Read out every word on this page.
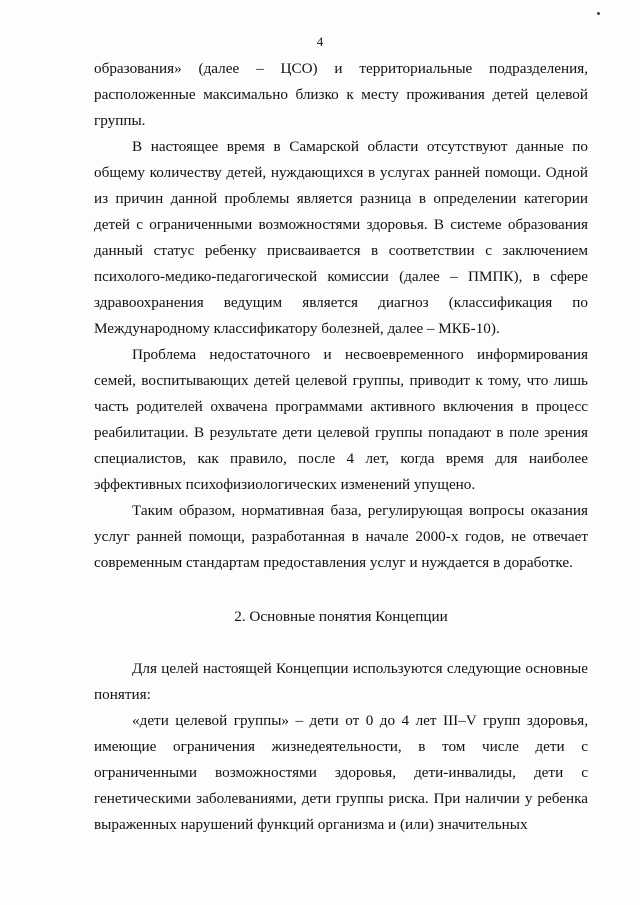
4

образования» (далее – ЦСО) и территориальные подразделения, расположенные максимально близко к месту проживания детей целевой группы.

В настоящее время в Самарской области отсутствуют данные по общему количеству детей, нуждающихся в услугах ранней помощи. Одной из причин данной проблемы является разница в определении категории детей с ограниченными возможностями здоровья. В системе образования данный статус ребенку присваивается в соответствии с заключением психолого-медико-педагогической комиссии (далее – ПМПК), в сфере здравоохранения ведущим является диагноз (классификация по Международному классификатору болезней, далее – МКБ-10).

Проблема недостаточного и несвоевременного информирования семей, воспитывающих детей целевой группы, приводит к тому, что лишь часть родителей охвачена программами активного включения в процесс реабилитации. В результате дети целевой группы попадают в поле зрения специалистов, как правило, после 4 лет, когда время для наиболее эффективных психофизиологических изменений упущено.

Таким образом, нормативная база, регулирующая вопросы оказания услуг ранней помощи, разработанная в начале 2000-х годов, не отвечает современным стандартам предоставления услуг и нуждается в доработке.

2. Основные понятия Концепции

Для целей настоящей Концепции используются следующие основные понятия:

«дети целевой группы» – дети от 0 до 4 лет III–V групп здоровья, имеющие ограничения жизнедеятельности, в том числе дети с ограниченными возможностями здоровья, дети-инвалиды, дети с генетическими заболеваниями, дети группы риска. При наличии у ребенка выраженных нарушений функций организма и (или) значительных
